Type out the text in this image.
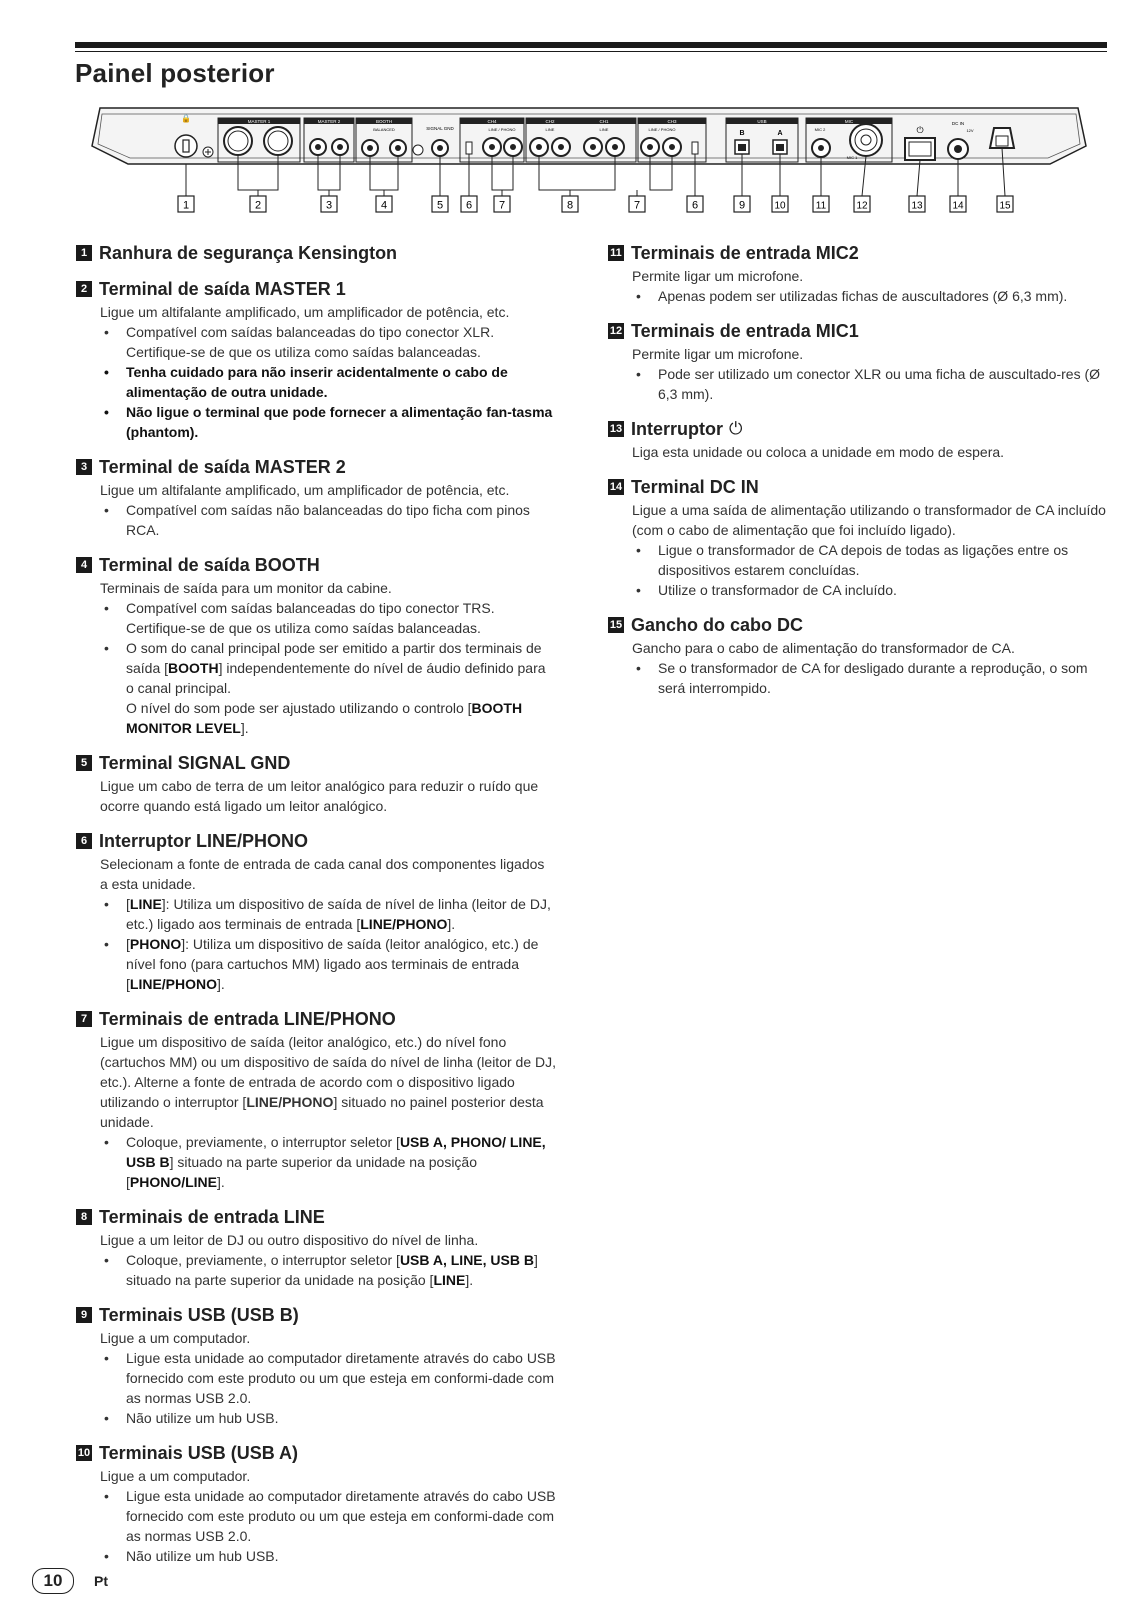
Painel posterior
🔒	MASTER 1	MASTER 2	BOOTH
BALANCED	SIGNAL GND
CH4
LINE / PHONO
CH2	CH1
LINE	LINE
CH3
LINE / PHONO
USB
B	A
MIC
MIC 2
MIC 1
⏻
DC IN
12V
1	2	3	4	5 6 7	8	7	6	9	10	11	12	13	14	15
1 Ranhura de segurança Kensington
2 Terminal de saída MASTER 1

Ligue um altifalante amplificado, um amplificador de potência, etc.

• Compatível com saídas balanceadas do tipo conector XLR. Certifique-se de que os utiliza como saídas balanceadas.
• Tenha cuidado para não inserir acidentalmente o cabo de alimentação de outra unidade.
• Não ligue o terminal que pode fornecer a alimentação fan-tasma (phantom).
3 Terminal de saída MASTER 2

Ligue um altifalante amplificado, um amplificador de potência, etc.

• Compatível com saídas não balanceadas do tipo ficha com pinos RCA.
4 Terminal de saída BOOTH

Terminais de saída para um monitor da cabine.

• Compatível com saídas balanceadas do tipo conector TRS. Certifique-se de que os utiliza como saídas balanceadas.
• O som do canal principal pode ser emitido a partir dos terminais de saída [BOOTH] independentemente do nível de áudio definido para o canal principal.
O nível do som pode ser ajustado utilizando o controlo [BOOTH MONITOR LEVEL].
5 Terminal SIGNAL GND

Ligue um cabo de terra de um leitor analógico para reduzir o ruído que ocorre quando está ligado um leitor analógico.

6 Interruptor LINE/PHONO

Selecionam a fonte de entrada de cada canal dos componentes ligados a esta unidade.

• [LINE]: Utiliza um dispositivo de saída de nível de linha (leitor de DJ, etc.) ligado aos terminais de entrada [LINE/PHONO].
• [PHONO]: Utiliza um dispositivo de saída (leitor analógico, etc.) de nível fono (para cartuchos MM) ligado aos terminais de entrada [LINE/PHONO].
7 Terminais de entrada LINE/PHONO

Ligue um dispositivo de saída (leitor analógico, etc.) do nível fono (cartuchos MM) ou um dispositivo de saída do nível de linha (leitor de DJ, etc.). Alterne a fonte de entrada de acordo com o dispositivo ligado utilizando o interruptor [LINE/PHONO] situado no painel posterior desta unidade.

• Coloque, previamente, o interruptor seletor [USB A, PHONO/ LINE, USB B] situado na parte superior da unidade na posição [PHONO/LINE].
8 Terminais de entrada LINE

Ligue a um leitor de DJ ou outro dispositivo do nível de linha.

• Coloque, previamente, o interruptor seletor [USB A, LINE, USB B] situado na parte superior da unidade na posição [LINE].
9 Terminais USB (USB B)

Ligue a um computador.

• Ligue esta unidade ao computador diretamente através do cabo USB fornecido com este produto ou um que esteja em conformi-dade com as normas USB 2.0.
• Não utilize um hub USB.
10 Terminais USB (USB A)

Ligue a um computador.

• Ligue esta unidade ao computador diretamente através do cabo USB fornecido com este produto ou um que esteja em conformi-dade com as normas USB 2.0.
• Não utilize um hub USB.
11 Terminais de entrada MIC2

Permite ligar um microfone.

• Apenas podem ser utilizadas fichas de auscultadores (Ø 6,3 mm).
12 Terminais de entrada MIC1

Permite ligar um microfone.

• Pode ser utilizado um conector XLR ou uma ficha de auscultado-res (Ø 6,3 mm).
13 Interruptor ⏻

Liga esta unidade ou coloca a unidade em modo de espera.

14 Terminal DC IN

Ligue a uma saída de alimentação utilizando o transformador de CA incluído (com o cabo de alimentação que foi incluído ligado).

• Ligue o transformador de CA depois de todas as ligações entre os dispositivos estarem concluídas.
• Utilize o transformador de CA incluído.
15 Gancho do cabo DC

Gancho para o cabo de alimentação do transformador de CA.

• Se o transformador de CA for desligado durante a reprodução, o som será interrompido.
10	Pt
